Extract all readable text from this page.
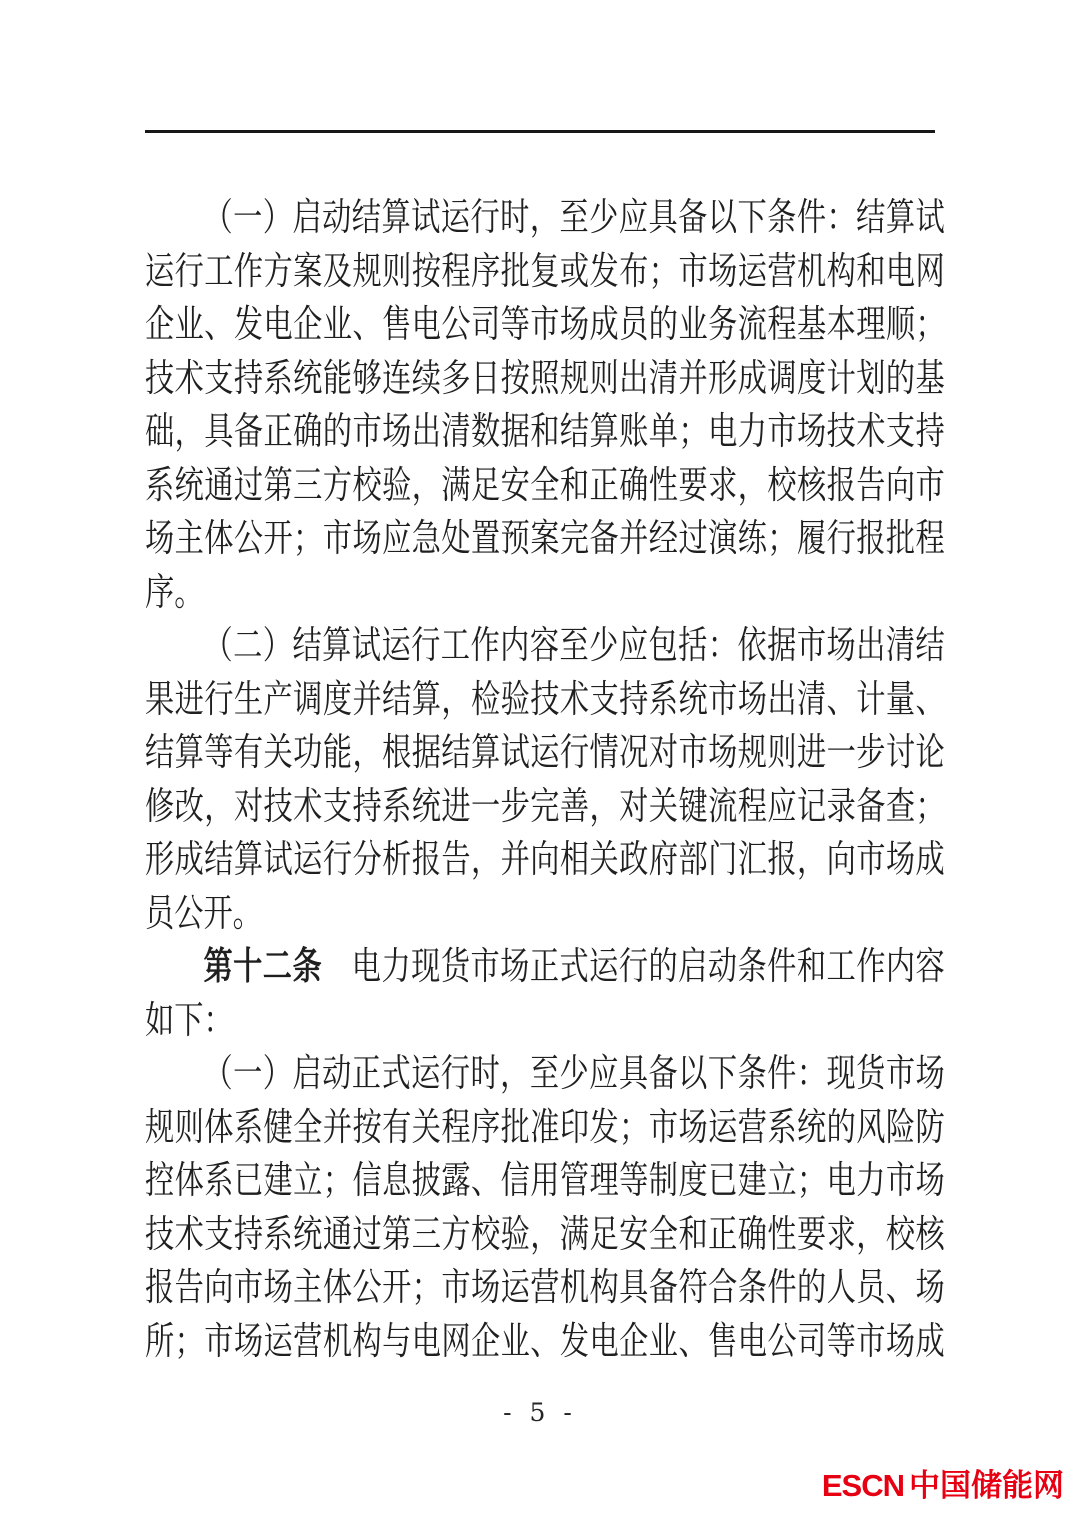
（一）启动结算试运行时，至少应具备以下条件：结算试
运行工作方案及规则按程序批复或发布；市场运营机构和电网
企业、发电企业、售电公司等市场成员的业务流程基本理顺；
技术支持系统能够连续多日按照规则出清并形成调度计划的基
础，具备正确的市场出清数据和结算账单；电力市场技术支持
系统通过第三方校验，满足安全和正确性要求，校核报告向市
场主体公开；市场应急处置预案完备并经过演练；履行报批程
序。
（二）结算试运行工作内容至少应包括：依据市场出清结
果进行生产调度并结算，检验技术支持系统市场出清、计量、
结算等有关功能，根据结算试运行情况对市场规则进一步讨论
修改，对技术支持系统进一步完善，对关键流程应记录备查；
形成结算试运行分析报告，并向相关政府部门汇报，向市场成
员公开。
第十二条　电力现货市场正式运行的启动条件和工作内容
如下：
（一）启动正式运行时，至少应具备以下条件：现货市场
规则体系健全并按有关程序批准印发；市场运营系统的风险防
控体系已建立；信息披露、信用管理等制度已建立；电力市场
技术支持系统通过第三方校验，满足安全和正确性要求，校核
报告向市场主体公开；市场运营机构具备符合条件的人员、场
所；市场运营机构与电网企业、发电企业、售电公司等市场成
- 5 -
ESCN 中国储能网
